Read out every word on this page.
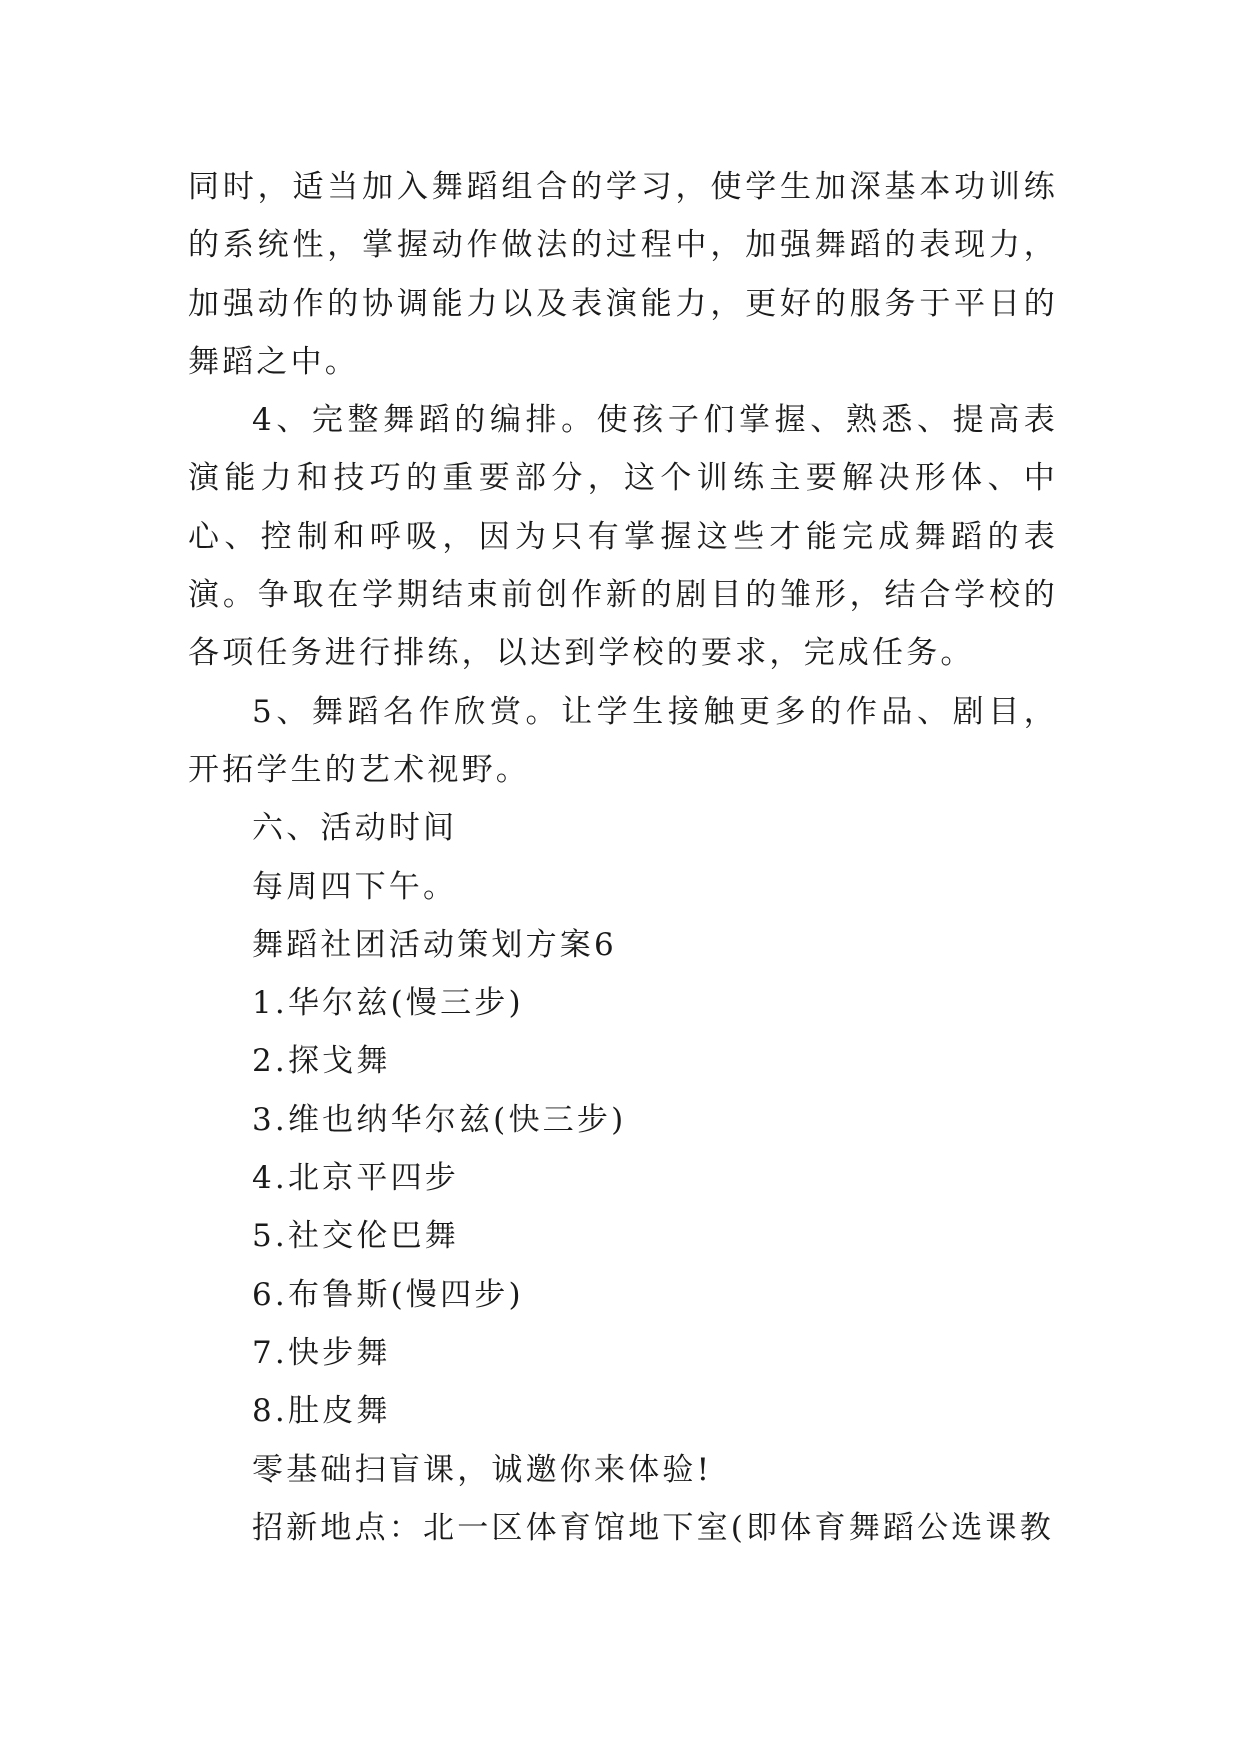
同时，适当加入舞蹈组合的学习，使学生加深基本功训练的系统性，掌握动作做法的过程中，加强舞蹈的表现力，加强动作的协调能力以及表演能力，更好的服务于平日的舞蹈之中。

4、完整舞蹈的编排。使孩子们掌握、熟悉、提高表演能力和技巧的重要部分，这个训练主要解决形体、中心、控制和呼吸，因为只有掌握这些才能完成舞蹈的表演。争取在学期结束前创作新的剧目的雏形，结合学校的各项任务进行排练，以达到学校的要求，完成任务。

5、舞蹈名作欣赏。让学生接触更多的作品、剧目，开拓学生的艺术视野。

六、活动时间

每周四下午。

舞蹈社团活动策划方案6

1.华尔兹(慢三步)

2.探戈舞

3.维也纳华尔兹(快三步)

4.北京平四步

5.社交伦巴舞

6.布鲁斯(慢四步)

7.快步舞

8.肚皮舞

零基础扫盲课，诚邀你来体验!

招新地点：北一区体育馆地下室(即体育舞蹈公选课教
